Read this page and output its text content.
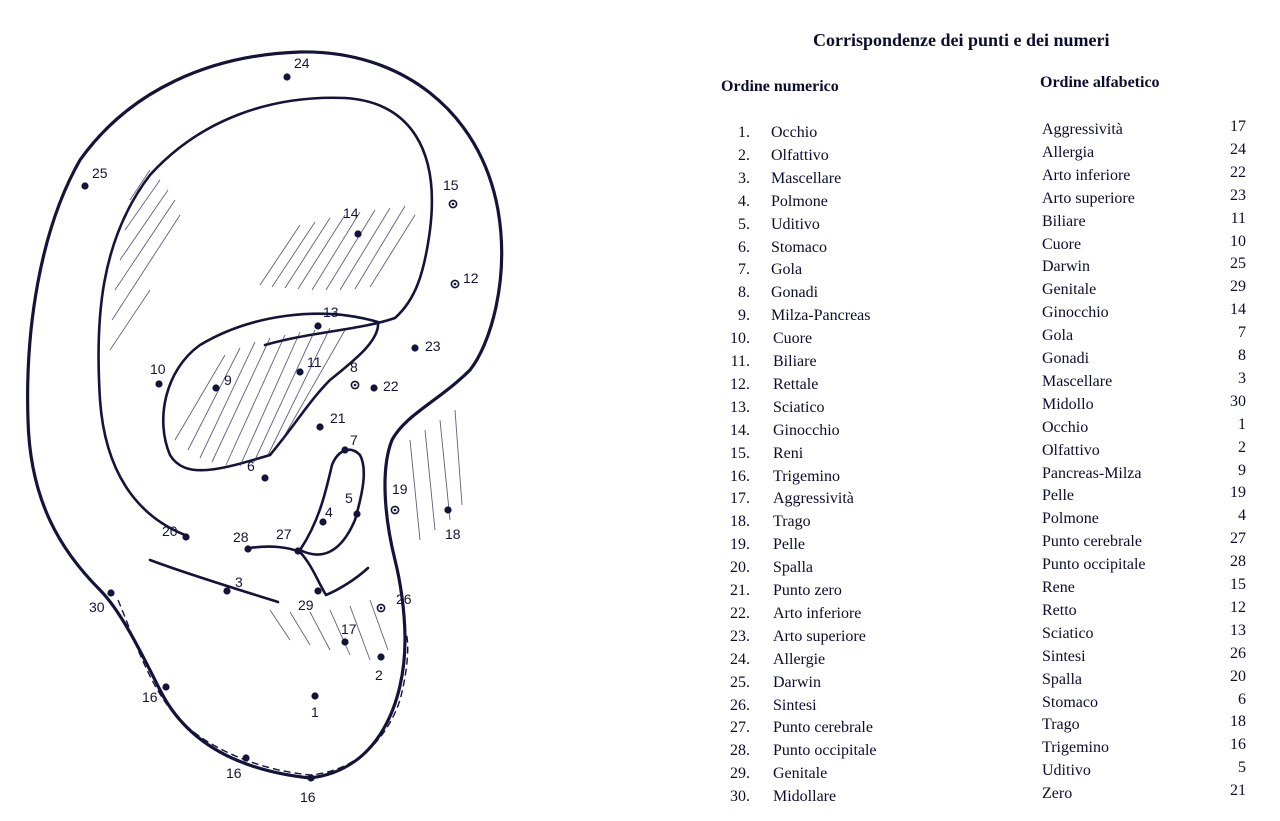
24
25
15
14
12
13
23
10
9
11 8
22
21
7
6
5
19
18
4
20	28 27
3
30	29	26
17
2
1
16
16
16
Corrispondenze dei punti e dei numeri
Ordine numerico	Ordine alfabetico
1. Occhio
2. Olfattivo
3. Mascellare
4. Polmone
5. Uditivo
6. Stomaco
7. Gola
8. Gonadi
9. Milza-Pancreas
10. Cuore
11. Biliare
12. Rettale
13. Sciatico
14. Ginocchio
15. Reni
16. Trigemino
17. Aggressività
18. Trago
19. Pelle
20. Spalla
21. Punto zero
22. Arto inferiore
23. Arto superiore
24. Allergie
25. Darwin
26. Sintesi
27. Punto cerebrale
28. Punto occipitale
29. Genitale
30. Midollare
Aggressività	17
Allergia	24
Arto inferiore	22
Arto superiore	23
Biliare	11
Cuore	10
Darwin	25
Genitale	29
Ginocchio	14
Gola	7
Gonadi	8
Mascellare	3
Midollo	30
Occhio	1
Olfattivo	2
Pancreas-Milza	9
Pelle	19
Polmone	4
Punto cerebrale	27
Punto occipitale	28
Rene	15
Retto	12
Sciatico	13
Sintesi	26
Spalla	20
Stomaco	6
Trago	18
Trigemino	16
Uditivo	5
Zero	21
